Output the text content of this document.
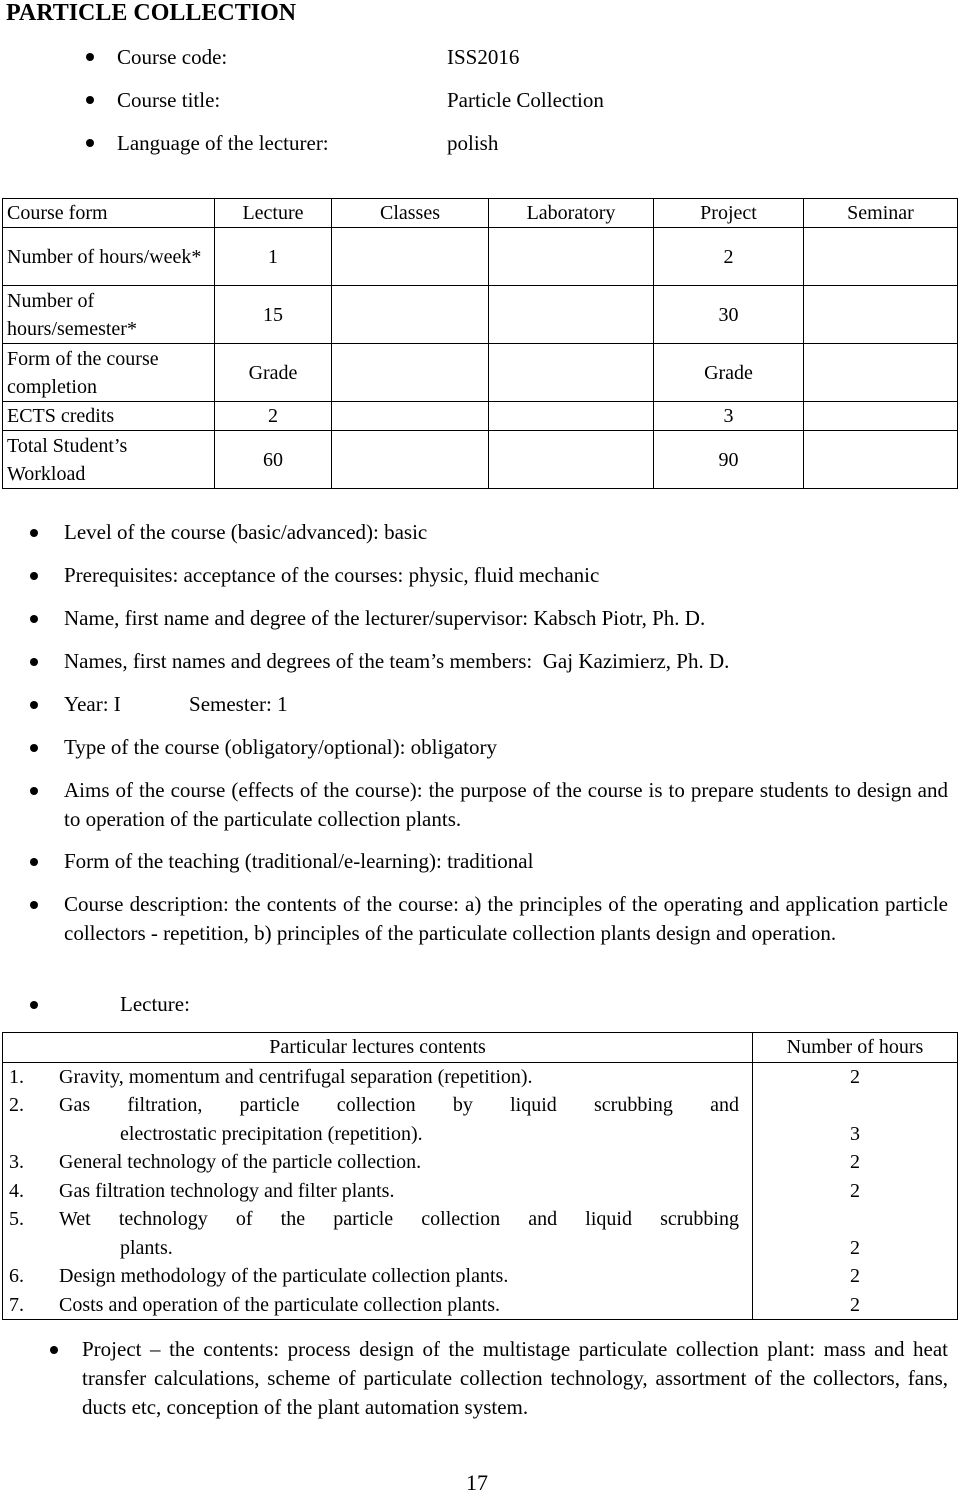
PARTICLE COLLECTION
Course code:	ISS2016
Course title:	Particle Collection
Language of the lecturer:	polish
Course form	Lecture	Classes	Laboratory	Project	Seminar
Number of hours/week*	1			2	
Number of hours/semester*	15			30	
Form of the course completion	Grade			Grade	
ECTS credits	2			3	
Total Student’s Workload	60			90	
Level of the course (basic/advanced): basic
Prerequisites: acceptance of the courses: physic, fluid mechanic
Name, first name and degree of the lecturer/supervisor: Kabsch Piotr, Ph. D.
Names, first names and degrees of the team’s members:  Gaj Kazimierz, Ph. D.
Year: I             Semester: 1
Type of the course (obligatory/optional): obligatory
Aims of the course (effects of the course): the purpose of the course is to prepare students to design and to operation of the particulate collection plants.
Form of the teaching (traditional/e-learning): traditional
Course description: the contents of the course: a) the principles of the operating and application particle collectors - repetition, b) principles of the particulate collection plants design and operation.
Lecture:
Particular lectures contents	Number of hours
1. Gravity, momentum and centrifugal separation (repetition).	2
2. Gas filtration, particle collection by liquid scrubbing and
electrostatic precipitation (repetition).	3
3. General technology of the particle collection.	2
4. Gas filtration technology and filter plants.	2
5. Wet technology of the particle collection and liquid scrubbing
plants.	2
6. Design methodology of the particulate collection plants.	2
7. Costs and operation of the particulate collection plants.	2
Project – the contents: process design of the multistage particulate collection plant: mass and heat transfer calculations, scheme of particulate collection technology, assortment of the collectors, fans, ducts etc, conception of the plant automation system.
17
